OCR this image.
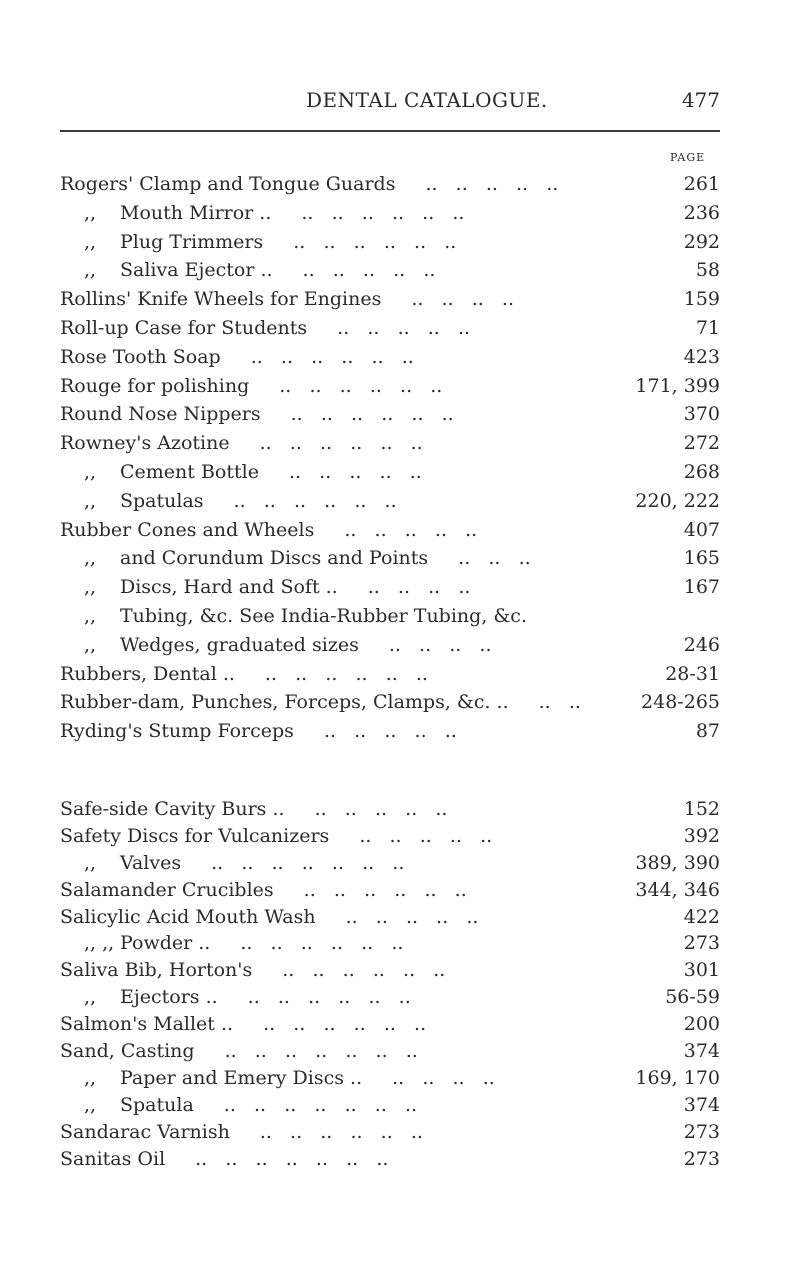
DENTAL CATALOGUE.	477
PAGE
Rogers' Clamp and Tongue Guards ..   ..   ..   ..   ..	261
,, Mouth Mirror .. ..   ..   ..   ..   ..   ..	236
,, Plug Trimmers ..   ..   ..   ..   ..   ..	292
,, Saliva Ejector .. ..   ..   ..   ..   ..	58
Rollins' Knife Wheels for Engines ..   ..   ..   ..	159
Roll-up Case for Students ..   ..   ..   ..   ..	71
Rose Tooth Soap ..   ..   ..   ..   ..   ..	423
Rouge for polishing ..   ..   ..   ..   ..   ..	171, 399
Round Nose Nippers ..   ..   ..   ..   ..   ..	370
Rowney's Azotine ..   ..   ..   ..   ..   ..	272
,, Cement Bottle ..   ..   ..   ..   ..	268
,, Spatulas ..   ..   ..   ..   ..   ..	220, 222
Rubber Cones and Wheels ..   ..   ..   ..   ..	407
,, and Corundum Discs and Points ..   ..   ..	165
,, Discs, Hard and Soft .. ..   ..   ..   ..	167
,, Tubing, &c. See India-Rubber Tubing, &c.
,, Wedges, graduated sizes ..   ..   ..   ..	246
Rubbers, Dental .. ..   ..   ..   ..   ..   ..	28-31
Rubber-dam, Punches, Forceps, Clamps, &c. .. ..   ..	248-265
Ryding's Stump Forceps ..   ..   ..   ..   ..	87
Safe-side Cavity Burs .. ..   ..   ..   ..   ..	152
Safety Discs for Vulcanizers ..   ..   ..   ..   ..	392
,, Valves ..   ..   ..   ..   ..   ..   ..	389, 390
Salamander Crucibles ..   ..   ..   ..   ..   ..	344, 346
Salicylic Acid Mouth Wash ..   ..   ..   ..   ..	422
,, ,, Powder .. ..   ..   ..   ..   ..   ..	273
Saliva Bib, Horton's ..   ..   ..   ..   ..   ..	301
,, Ejectors .. ..   ..   ..   ..   ..   ..	56-59
Salmon's Mallet .. ..   ..   ..   ..   ..   ..	200
Sand, Casting ..   ..   ..   ..   ..   ..   ..	374
,, Paper and Emery Discs .. ..   ..   ..   ..	169, 170
,, Spatula ..   ..   ..   ..   ..   ..   ..	374
Sandarac Varnish ..   ..   ..   ..   ..   ..	273
Sanitas Oil ..   ..   ..   ..   ..   ..   ..	273
